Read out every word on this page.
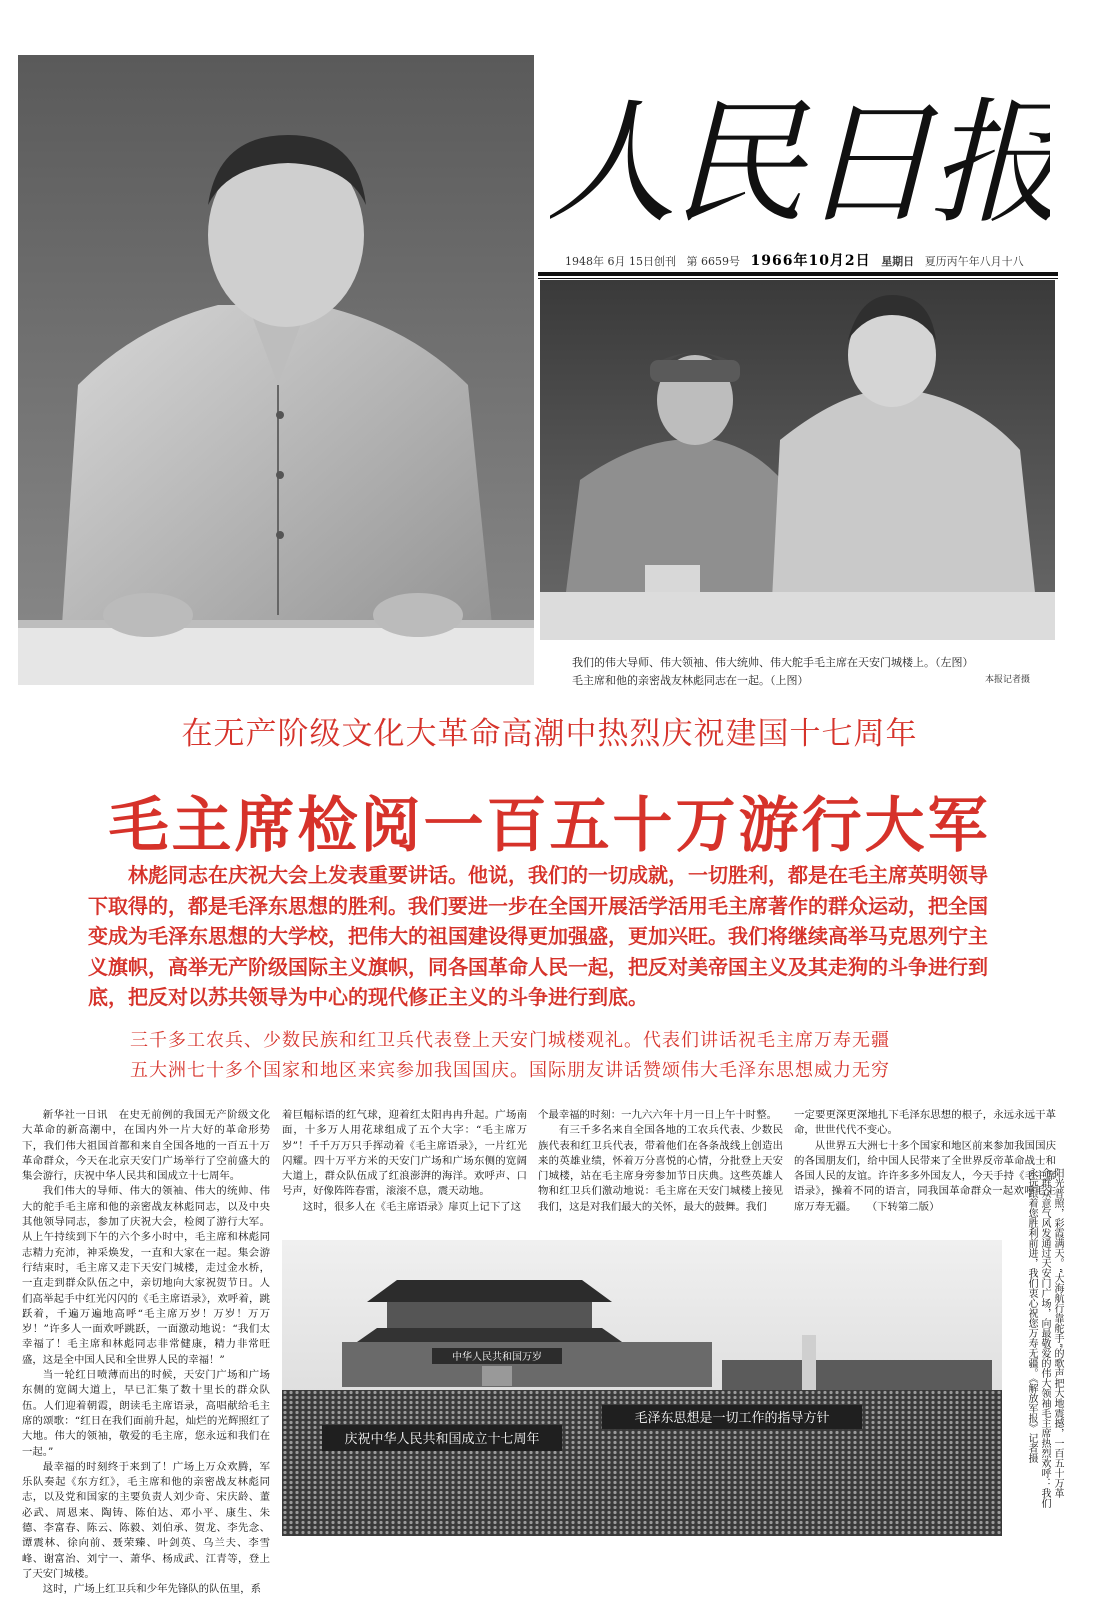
人民日报
1948年 6月 15日创刊 第 6659号 1966年10月2日 星期日 夏历丙午年八月十八
我们的伟大导师、伟大领袖、伟大统帅、伟大舵手毛主席在天安门城楼上。（左图）
毛主席和他的亲密战友林彪同志在一起。（上图）	本报记者摄
在无产阶级文化大革命高潮中热烈庆祝建国十七周年
毛主席检阅一百五十万游行大军
林彪同志在庆祝大会上发表重要讲话。他说，我们的一切成就，一切胜利，都是在毛主席英明领导下取得的，都是毛泽东思想的胜利。我们要进一步在全国开展活学活用毛主席著作的群众运动，把全国变成为毛泽东思想的大学校，把伟大的祖国建设得更加强盛，更加兴旺。我们将继续高举马克思列宁主义旗帜，高举无产阶级国际主义旗帜，同各国革命人民一起，把反对美帝国主义及其走狗的斗争进行到底，把反对以苏共领导为中心的现代修正主义的斗争进行到底。
三千多工农兵、少数民族和红卫兵代表登上天安门城楼观礼。代表们讲话祝毛主席万寿无疆
五大洲七十多个国家和地区来宾参加我国国庆。国际朋友讲话赞颂伟大毛泽东思想威力无穷

新华社一日讯　在史无前例的我国无产阶级文化大革命的新高潮中，在国内外一片大好的革命形势下，我们伟大祖国首都和来自全国各地的一百五十万革命群众，今天在北京天安门广场举行了空前盛大的集会游行，庆祝中华人民共和国成立十七周年。

我们伟大的导师、伟大的领袖、伟大的统帅、伟大的舵手毛主席和他的亲密战友林彪同志，以及中央其他领导同志，参加了庆祝大会，检阅了游行大军。从上午持续到下午的六个多小时中，毛主席和林彪同志精力充沛，神采焕发，一直和大家在一起。集会游行结束时，毛主席又走下天安门城楼，走过金水桥，一直走到群众队伍之中，亲切地向大家祝贺节日。人们高举起手中红光闪闪的《毛主席语录》，欢呼着，跳跃着，千遍万遍地高呼“毛主席万岁！万岁！万万岁！”许多人一面欢呼跳跃，一面激动地说：“我们太幸福了！毛主席和林彪同志非常健康，精力非常旺盛，这是全中国人民和全世界人民的幸福！”

当一轮红日喷薄而出的时候，天安门广场和广场东侧的宽阔大道上，早已汇集了数十里长的群众队伍。人们迎着朝霞，朗读毛主席语录，高唱献给毛主席的颂歌：“红日在我们面前升起，灿烂的光辉照红了大地。伟大的领袖，敬爱的毛主席，您永远和我们在一起。”

最幸福的时刻终于来到了！广场上万众欢腾，军乐队奏起《东方红》，毛主席和他的亲密战友林彪同志，以及党和国家的主要负责人刘少奇、宋庆龄、董必武、周恩来、陶铸、陈伯达、邓小平、康生、朱德、李富春、陈云、陈毅、刘伯承、贺龙、李先念、谭震林、徐向前、聂荣臻、叶剑英、乌兰夫、李雪峰、谢富治、刘宁一、萧华、杨成武、江青等，登上了天安门城楼。

这时，广场上红卫兵和少年先锋队的队伍里，系

着巨幅标语的红气球，迎着红太阳冉冉升起。广场南面，十多万人用花球组成了五个大字：“毛主席万岁”！千千万万只手挥动着《毛主席语录》，一片红光闪耀。四十万平方米的天安门广场和广场东侧的宽阔大道上，群众队伍成了红浪澎湃的海洋。欢呼声、口号声，好像阵阵春雷，滚滚不息，震天动地。

这时，很多人在《毛主席语录》扉页上记下了这

个最幸福的时刻：一九六六年十月一日上午十时整。

有三千多名来自全国各地的工农兵代表、少数民族代表和红卫兵代表，带着他们在各条战线上创造出来的英雄业绩，怀着万分喜悦的心情，分批登上天安门城楼，站在毛主席身旁参加节日庆典。这些英雄人物和红卫兵们激动地说：毛主席在天安门城楼上接见我们，这是对我们最大的关怀，最大的鼓舞。我们

一定要更深更深地扎下毛泽东思想的根子，永远永远干革命，世世代代不变心。

从世界五大洲七十多个国家和地区前来参加我国国庆的各国朋友们，给中国人民带来了全世界反帝革命战士和各国人民的友谊。许许多多外国友人，今天手持《毛主席语录》，操着不同的语言，同我国革命群众一起欢呼毛主席万寿无疆。　　（下转第二版）

中华人民共和国万岁
毛泽东思想是一切工作的指导方针
庆祝中华人民共和国成立十七周年	阳光普照，彩霞满天。“大海航行靠舵手”的歌声把大地震撼，一百五十万革命群众意气风发通过天安门广场，向最敬爱的伟大领袖毛主席热烈欢呼：我们永远跟着您胜利前进，我们衷心祝您万寿无疆。《解放军报》记者摄
